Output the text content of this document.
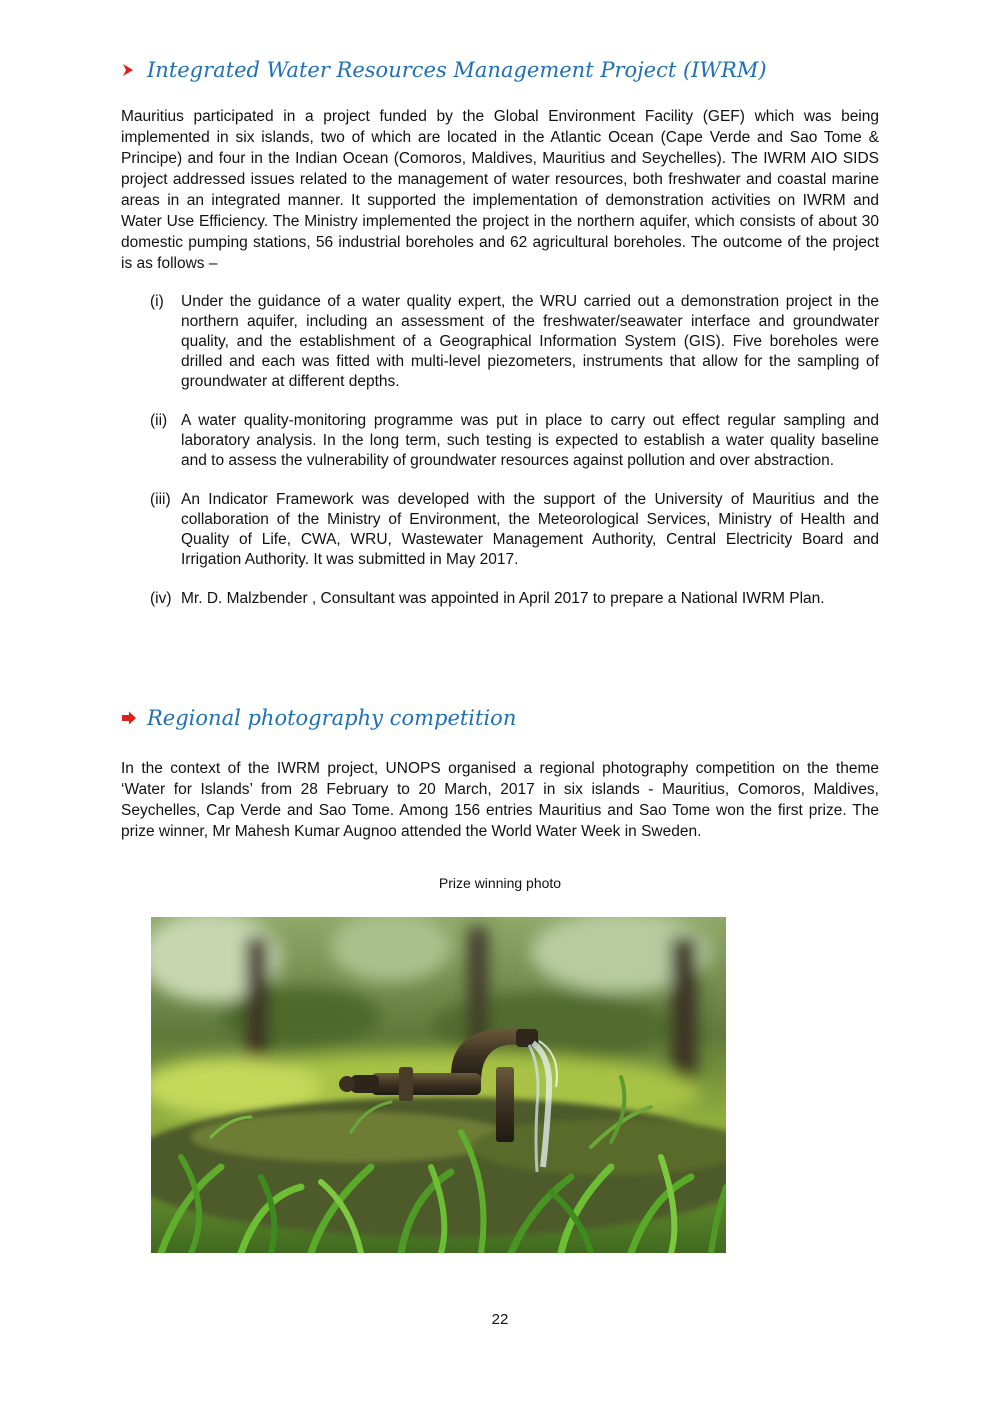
Integrated Water Resources Management Project (IWRM)

Mauritius participated in a project funded by the Global Environment Facility (GEF) which was being implemented in six islands, two of which are located in the Atlantic Ocean (Cape Verde and Sao Tome & Principe) and four in the Indian Ocean (Comoros, Maldives, Mauritius and Seychelles). The IWRM AIO SIDS project addressed issues related to the management of water resources, both freshwater and coastal marine areas in an integrated manner. It supported the implementation of demonstration activities on IWRM and Water Use Efficiency. The Ministry implemented the project in the northern aquifer, which consists of about 30 domestic pumping stations, 56 industrial boreholes and 62 agricultural boreholes. The outcome of the project is as follows –

(i)	Under the guidance of a water quality expert, the WRU carried out a demonstration project in the northern aquifer, including an assessment of the freshwater/seawater interface and groundwater quality, and the establishment of a Geographical Information System (GIS). Five boreholes were drilled and each was fitted with multi-level piezometers, instruments that allow for the sampling of groundwater at different depths.
(ii) A water quality-monitoring programme was put in place to carry out effect regular sampling and laboratory analysis. In the long term, such testing is expected to establish a water quality baseline and to assess the vulnerability of groundwater resources against pollution and over abstraction.
(iii) An Indicator Framework was developed with the support of the University of Mauritius and the collaboration of the Ministry of Environment, the Meteorological Services, Ministry of Health and Quality of Life, CWA, WRU, Wastewater Management Authority, Central Electricity Board and Irrigation Authority. It was submitted in May 2017.
(iv) Mr. D. Malzbender , Consultant was appointed in April 2017 to prepare a National IWRM Plan.
Regional photography competition

In the context of the IWRM project, UNOPS organised a regional photography competition on the theme ‘Water for Islands’ from 28 February to 20 March, 2017 in six islands - Mauritius, Comoros, Maldives, Seychelles, Cap Verde and Sao Tome. Among 156 entries Mauritius and Sao Tome won the first prize. The prize winner, Mr Mahesh Kumar Augnoo attended the World Water Week in Sweden.

Prize winning photo
22
